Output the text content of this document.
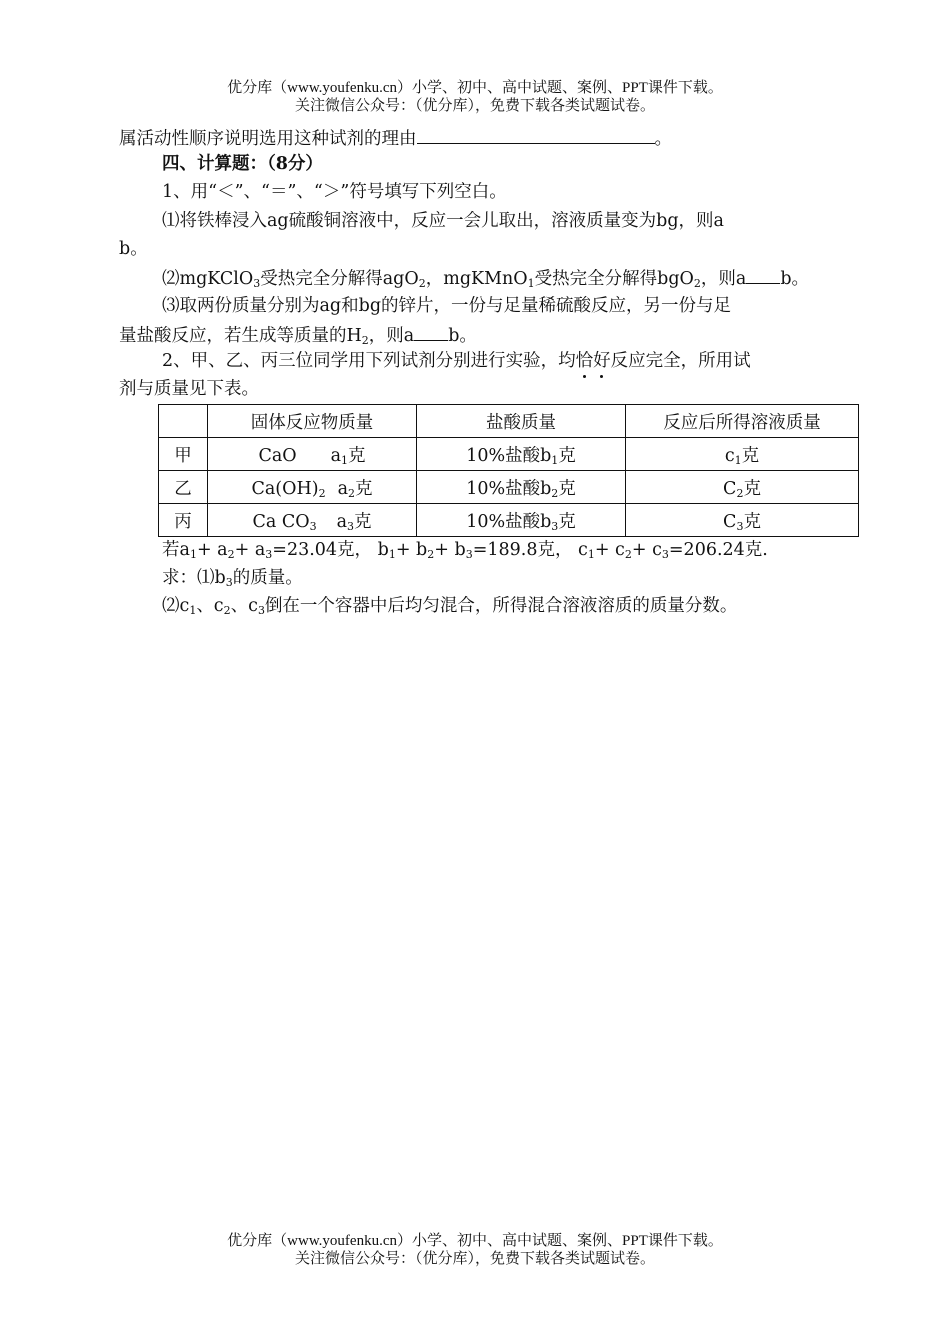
优分库（www.youfenku.cn）小学、初中、高中试题、案例、PPT课件下载。
关注微信公众号：（优分库），免费下载各类试题试卷。
属活动性顺序说明选用这种试剂的理由	。
四、计算题：（8分）
1、用“＜”、“＝”、“＞”符号填写下列空白。
⑴将铁棒浸入ag硫酸铜溶液中，反应一会儿取出，溶液质量变为bg，则a
b。
⑵mgKClO$_3$受热完全分解得agO$_2$，mgKMnO$_1$受热完全分解得bgO$_2$，则a b。
⑶取两份质量分别为ag和bg的锌片，一份与足量稀硫酸反应，另一份与足
量盐酸反应，若生成等质量的$H_2$，则a b。
2、甲、乙、丙三位同学用下列试剂分别进行实验，均恰好反应完全，所用试
剂与质量见下表。
	固体反应物质量	盐酸质量	反应后所得溶液质量
甲	CaO $a_1$克	10%盐酸$b_1$克	$c_1$克
乙	$Ca(OH)_2$ $a_2$克	10%盐酸$b_2$克	$C_2$克
丙	Ca $CO_3$ $a_3$克	10%盐酸$b_3$克	$C_3$克
若$a_1+ a_2+ a_3=23.04$克， $b_1+ b_2+ b_3=189.8$克， $c_1+ c_2+ c_3=206.24$克.
求：$⑴b_3$的质量。
$⑵c_1$、$c_2$、$c_3$倒在一个容器中后均匀混合，所得混合溶液溶质的质量分数。
优分库（www.youfenku.cn）小学、初中、高中试题、案例、PPT课件下载。
关注微信公众号：（优分库），免费下载各类试题试卷。
